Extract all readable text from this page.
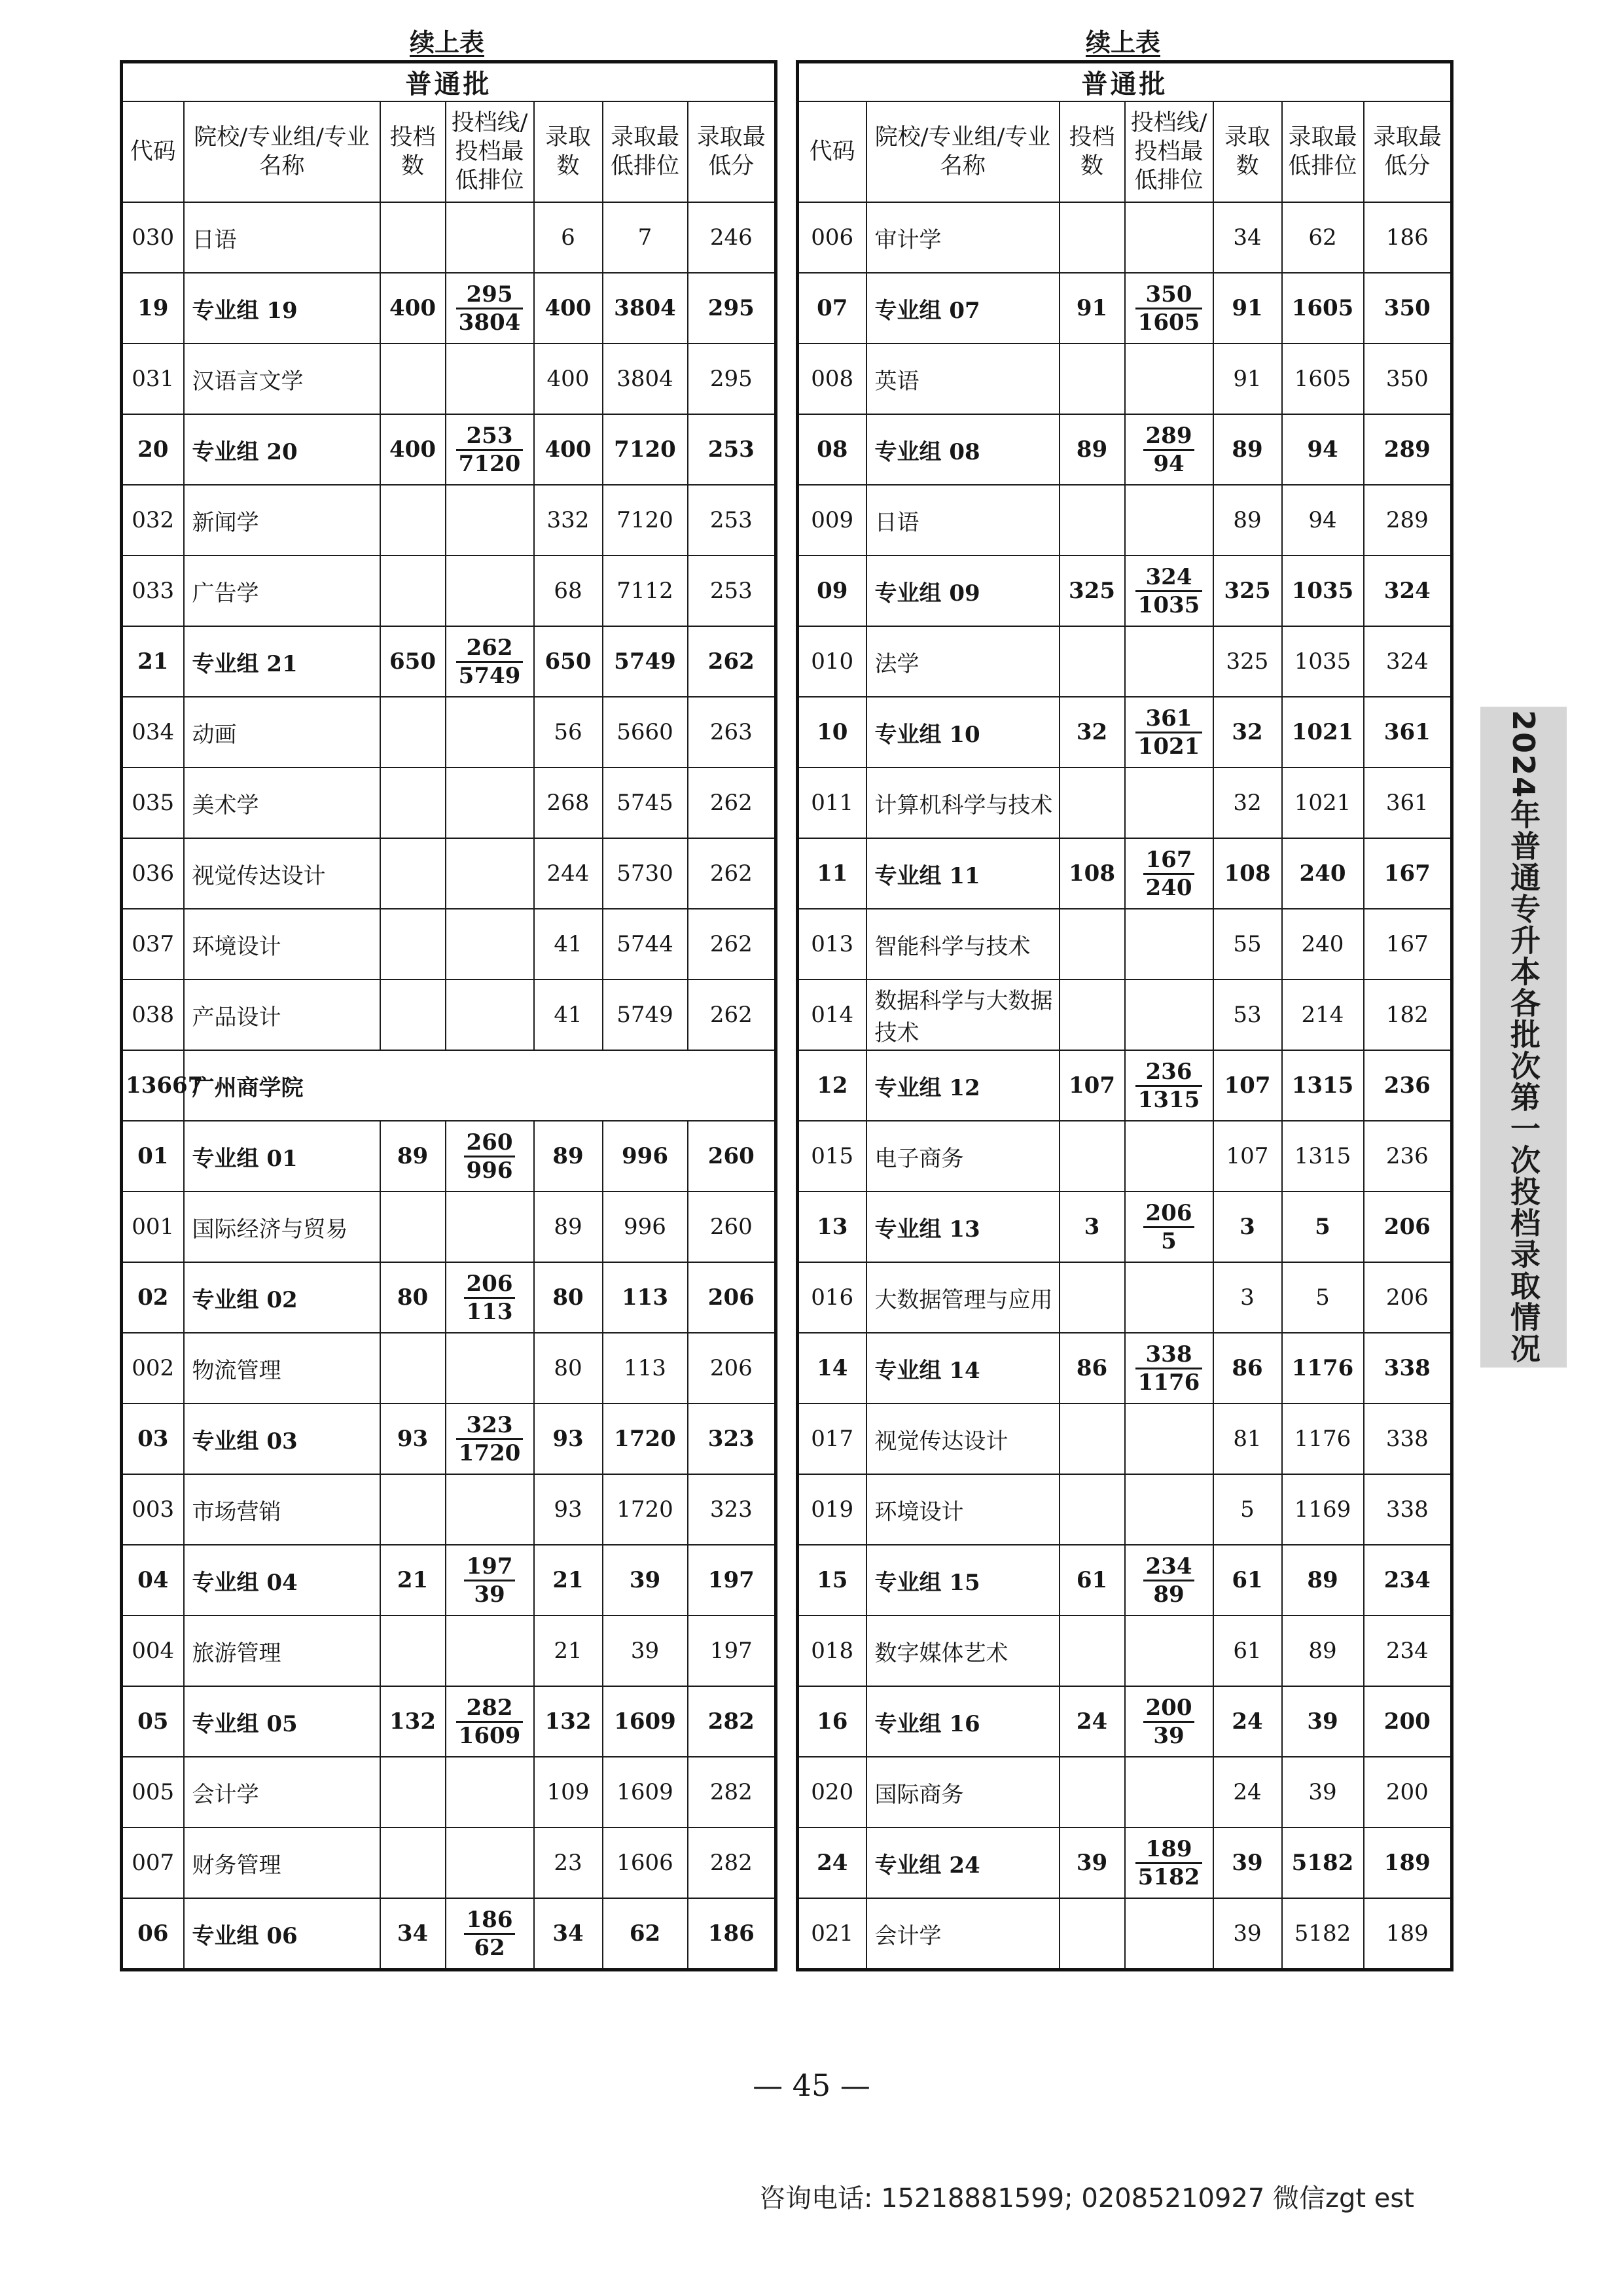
续上表
普通批						
代码	院校/专业组/专业名称	投档数	投档线/投档最低排位	录取数	录取最低排位	录取最低分
030	日语			6	7	246
19	专业组 19	400	$\frac{295}{3804}$	400	3804	295
031	汉语言文学			400	3804	295
20	专业组 20	400	$\frac{253}{7120}$	400	7120	253
032	新闻学			332	7120	253
033	广告学			68	7112	253
21	专业组 21	650	$\frac{262}{5749}$	650	5749	262
034	动画			56	5660	263
035	美术学			268	5745	262
036	视觉传达设计			244	5730	262
037	环境设计			41	5744	262
038	产品设计			41	5749	262
13667	广州商学院					
01	专业组 01	89	$\frac{260}{996}$	89	996	260
001	国际经济与贸易			89	996	260
02	专业组 02	80	$\frac{206}{113}$	80	113	206
002	物流管理			80	113	206
03	专业组 03	93	$\frac{323}{1720}$	93	1720	323
003	市场营销			93	1720	323
04	专业组 04	21	$\frac{197}{39}$	21	39	197
004	旅游管理			21	39	197
05	专业组 05	132	$\frac{282}{1609}$	132	1609	282
005	会计学			109	1609	282
007	财务管理			23	1606	282
06	专业组 06	34	$\frac{186}{62}$	34	62	186
续上表
普通批						
代码	院校/专业组/专业名称	投档数	投档线/投档最低排位	录取数	录取最低排位	录取最低分
006	审计学			34	62	186
07	专业组 07	91	$\frac{350}{1605}$	91	1605	350
008	英语			91	1605	350
08	专业组 08	89	$\frac{289}{94}$	89	94	289
009	日语			89	94	289
09	专业组 09	325	$\frac{324}{1035}$	325	1035	324
010	法学			325	1035	324
10	专业组 10	32	$\frac{361}{1021}$	32	1021	361
011	计算机科学与技术			32	1021	361
11	专业组 11	108	$\frac{167}{240}$	108	240	167
013	智能科学与技术			55	240	167
014	数据科学与大数据技术			53	214	182
12	专业组 12	107	$\frac{236}{1315}$	107	1315	236
015	电子商务			107	1315	236
13	专业组 13	3	$\frac{206}{5}$	3	5	206
016	大数据管理与应用			3	5	206
14	专业组 14	86	$\frac{338}{1176}$	86	1176	338
017	视觉传达设计			81	1176	338
019	环境设计			5	1169	338
15	专业组 15	61	$\frac{234}{89}$	61	89	234
018	数字媒体艺术			61	89	234
16	专业组 16	24	$\frac{200}{39}$	24	39	200
020	国际商务			24	39	200
24	专业组 24	39	$\frac{189}{5182}$	39	5182	189
021	会计学			39	5182	189
2024年普通专升本各批次第一次投档录取情况
— 45 —
咨询电话: 15218881599; 02085210927 微信zgt est
